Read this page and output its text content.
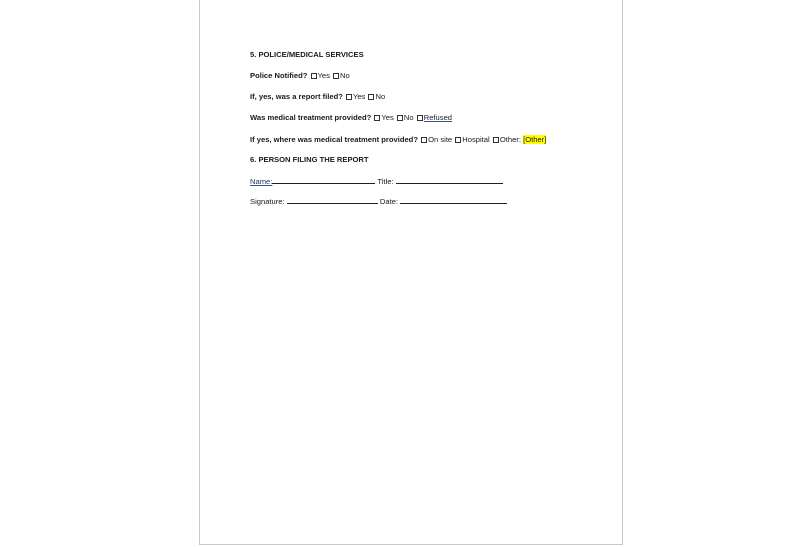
5. POLICE/MEDICAL SERVICES
Police Notified? Yes No
If, yes, was a report filed? Yes No
Was medical treatment provided? Yes No Refused
If yes, where was medical treatment provided? On site Hospital Other: [Other]
6. PERSON FILING THE REPORT
Name:	Title:
Signature:	Date:
